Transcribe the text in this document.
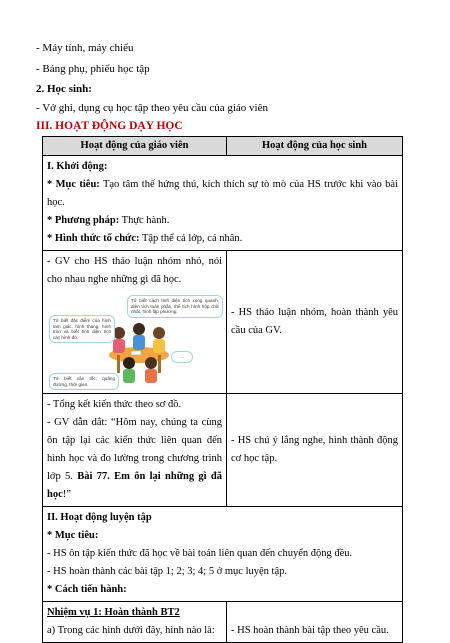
- Máy tính, máy chiếu
- Bảng phụ, phiếu học tập
2. Học sinh:
- Vở ghi, dụng cụ học tập theo yêu cầu của giáo viên
III. HOẠT ĐỘNG DẠY HỌC
Hoạt động của giáo viên	Hoạt động của học sinh

I. Khởi động:
* Mục tiêu: Tạo tâm thế hứng thú, kích thích sự tò mò của HS trước khi vào bài học.
* Phương pháp: Thực hành.
* Hình thức tổ chức: Tập thể cả lớp, cá nhân.	

- GV cho HS thảo luận nhóm nhỏ, nói cho nhau nghe những gì đã học.
Tớ biết cách tính diện tích xung quanh, diện tích toàn phần, thể tích hình hộp chữ nhật, hình lập phương.
Tớ biết đặc điểm của hình tam giác, hình thang, hình tròn và biết tính diện tích các hình đó.
Tớ biết vận tốc, quãng đường, thời gian.
...	- HS thảo luận nhóm, hoàn thành yêu cầu của GV.

- Tổng kết kiến thức theo sơ đồ.
- GV dẫn dắt: “Hôm nay, chúng ta cùng ôn tập lại các kiến thức liên quan đến hình học và đo lường trong chương trình lớp 5. Bài 77. Em ôn lại những gì đã học!”	- HS chú ý lắng nghe, hình thành động cơ học tập.

II. Hoạt động luyện tập
* Mục tiêu:
- HS ôn tập kiến thức đã học về bài toán liên quan đến chuyển động đều.
- HS hoàn thành các bài tập 1; 2; 3; 4; 5 ở mục luyện tập.
* Cách tiến hành:	

Nhiệm vụ 1: Hoàn thành BT2
a) Trong các hình dưới đây, hình nào là:	- HS hoàn thành bài tập theo yêu cầu.
